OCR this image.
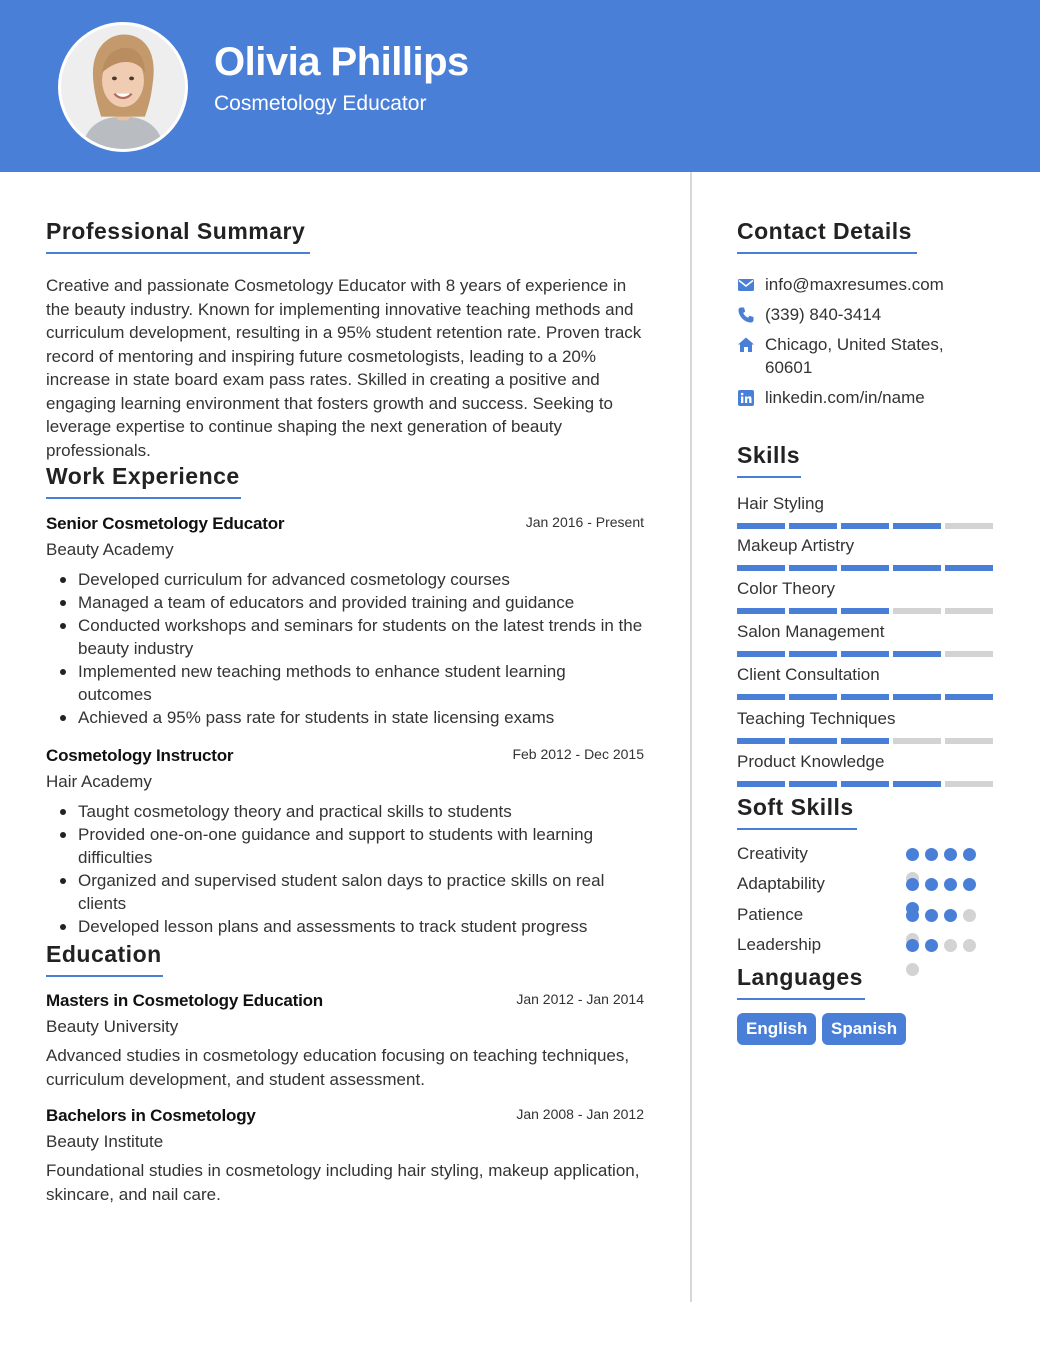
Olivia Phillips
Cosmetology Educator
Professional Summary
Creative and passionate Cosmetology Educator with 8 years of experience in the beauty industry. Known for implementing innovative teaching methods and curriculum development, resulting in a 95% student retention rate. Proven track record of mentoring and inspiring future cosmetologists, leading to a 20% increase in state board exam pass rates. Skilled in creating a positive and engaging learning environment that fosters growth and success. Seeking to leverage expertise to continue shaping the next generation of beauty professionals.
Work Experience
Senior Cosmetology Educator	Jan 2016 - Present
Beauty Academy
Developed curriculum for advanced cosmetology courses
Managed a team of educators and provided training and guidance
Conducted workshops and seminars for students on the latest trends in the beauty industry
Implemented new teaching methods to enhance student learning outcomes
Achieved a 95% pass rate for students in state licensing exams
Cosmetology Instructor	Feb 2012 - Dec 2015
Hair Academy
Taught cosmetology theory and practical skills to students
Provided one-on-one guidance and support to students with learning difficulties
Organized and supervised student salon days to practice skills on real clients
Developed lesson plans and assessments to track student progress
Education
Masters in Cosmetology Education	Jan 2012 - Jan 2014
Beauty University
Advanced studies in cosmetology education focusing on teaching techniques, curriculum development, and student assessment.
Bachelors in Cosmetology	Jan 2008 - Jan 2012
Beauty Institute
Foundational studies in cosmetology including hair styling, makeup application, skincare, and nail care.
Contact Details
info@maxresumes.com
(339) 840-3414
Chicago, United States, 60601
linkedin.com/in/name
Skills
Hair Styling
Makeup Artistry
Color Theory
Salon Management
Client Consultation
Teaching Techniques
Product Knowledge
Soft Skills
Creativity
Adaptability
Patience
Leadership
Languages
English	Spanish
